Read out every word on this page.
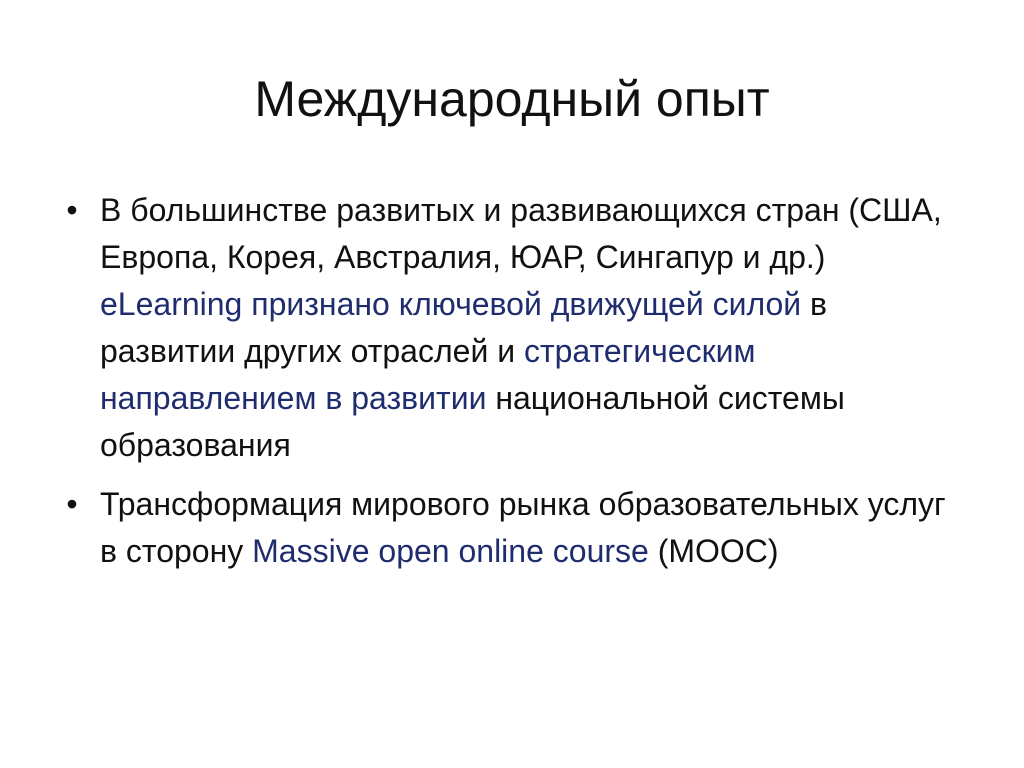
Международный опыт
• В большинстве развитых и развивающихся стран (США, Европа, Корея, Австралия, ЮАР, Сингапур и др.) eLearning признано ключевой движущей силой в развитии других отраслей и стратегическим направлением в развитии национальной системы образования
• Трансформация мирового рынка образовательных услуг в сторону Massive open online course (MOOC)
